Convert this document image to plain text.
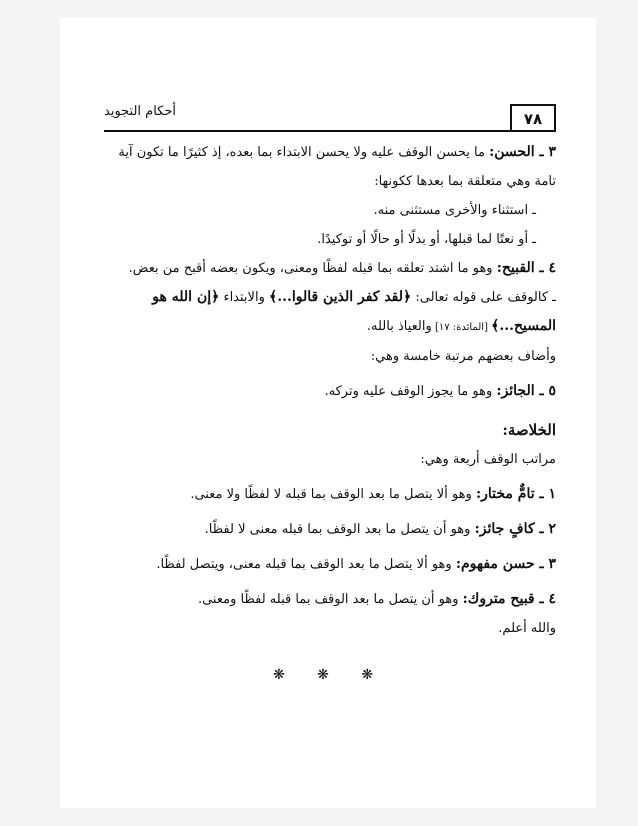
٧٨
أحكام التجويد

٣ ـ الحسن: ما يحسن الوقف عليه ولا يحسن الابتداء بما بعده، إذ كثيرًا ما تكون آية تامة وهي متعلقة بما بعدها ككونها:

ـ استثناء والأخرى مستثنى منه.

ـ أو نعتًا لما قبلها، أو بدلًا أو حالًا أو توكيدًا.

٤ ـ القبيح: وهو ما اشتد تعلقه بما قبله لفظًا ومعنى، ويكون بعضه أقبح من بعض.

ـ كالوقف على قوله تعالى: ﴿لقد كفر الذين قالوا...﴾ والابتداء ﴿إن الله هو المسيح...﴾ [المائدة: ١٧] والعياذ بالله.

وأضاف بعضهم مرتبة خامسة وهي:

٥ ـ الجائز: وهو ما يجوز الوقف عليه وتركه.

الخلاصة:

مراتب الوقف أربعة وهي:

١ ـ تامٌّ مختار: وهو ألا يتصل ما بعد الوقف بما قبله لا لفظًا ولا معنى.

٢ ـ كافٍ جائز: وهو أن يتصل ما بعد الوقف بما قبله معنى لا لفظًا.

٣ ـ حسن مفهوم: وهو ألا يتصل ما بعد الوقف بما قبله معنى، ويتصل لفظًا.

٤ ـ قبيح متروك: وهو أن يتصل ما بعد الوقف بما قبله لفظًا ومعنى.

والله أعلم.

❋ ❋ ❋
